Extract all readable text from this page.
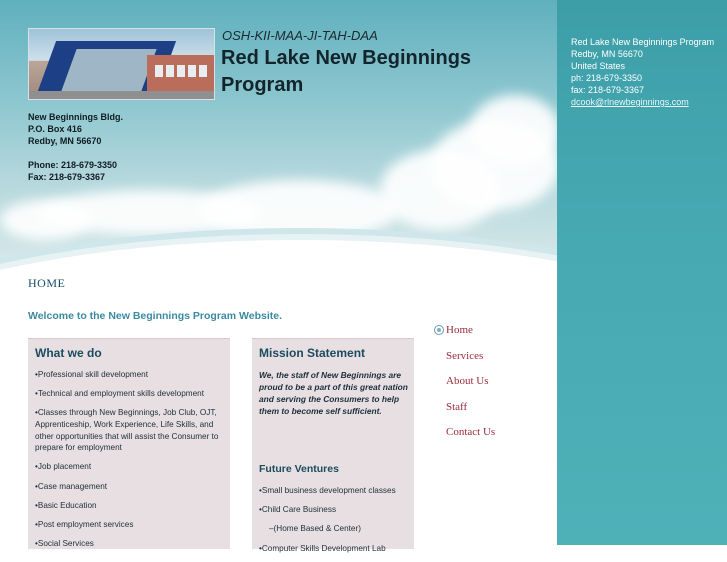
Red Lake New Beginnings Program
Redby, MN 56670
United States
ph: 218-679-3350
fax: 218-679-3367
dcook@rlnewbeginnings.com
OSH-KII-MAA-JI-TAH-DAA
Red Lake New Beginnings Program
New Beginnings Bldg.
P.O. Box 416
Redby, MN 56670
Phone: 218-679-3350
Fax: 218-679-3367
HOME
Welcome to the New Beginnings Program Website.
What we do
•Professional skill development
•Technical and employment skills development
•Classes through New Beginnings, Job Club, OJT, Apprenticeship, Work Experience, Life Skills, and other opportunities that will assist the Consumer to prepare for employment
•Job placement
•Case management
•Basic Education
•Post employment services
•Social Services
Mission Statement
We, the staff of New Beginnings are proud to be a part of this great nation and serving the Consumers to help them to become self sufficient.
Future Ventures
•Small business development classes
•Child Care Business
–(Home Based & Center)
•Computer Skills Development Lab
Home
Services
About Us
Staff
Contact Us
